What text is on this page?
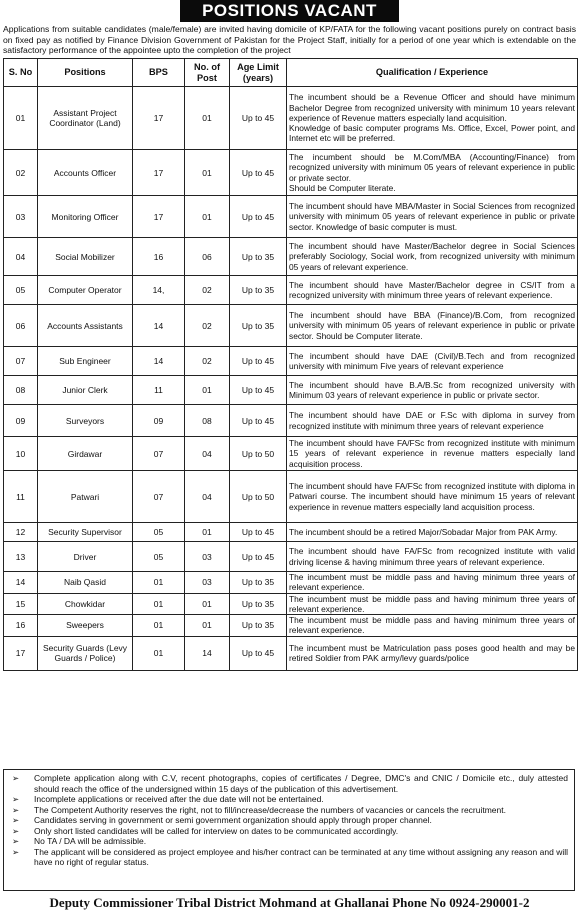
POSITIONS VACANT
Applications from suitable candidates (male/female) are invited having domicile of KP/FATA for the following vacant positions purely on contract basis on fixed pay as notified by Finance Division Government of Pakistan for the Project Staff, initially for a period of one year which is extendable on the satisfactory performance of the appointee upto the completion of the project
S. No	Positions	BPS	No. of Post	Age Limit (years)	Qualification / Experience
01	Assistant Project Coordinator (Land)	17	01	Up to 45	The incumbent should be a Revenue Officer and should have minimum Bachelor Degree from recognized university with minimum 10 years relevant experience of Revenue matters especially land acquisition.
Knowledge of basic computer programs Ms. Office, Excel, Power point, and Internet etc will be preferred.
02	Accounts Officer	17	01	Up to 45	The incumbent should be M.Com/MBA (Accounting/Finance) from recognized university with minimum 05 years of relevant experience in public or private sector.
Should be Computer literate.
03	Monitoring Officer	17	01	Up to 45	The incumbent should have MBA/Master in Social Sciences from recognized university with minimum 05 years of relevant experience in public or private sector. Knowledge of basic computer is must.
04	Social Mobilizer	16	06	Up to 35	The incumbent should have Master/Bachelor degree in Social Sciences preferably Sociology, Social work, from recognized university with minimum 05 years of relevant experience.
05	Computer Operator	14,	02	Up to 35	The incumbent should have Master/Bachelor degree in CS/IT from a recognized university with minimum three years of relevant experience.
06	Accounts Assistants	14	02	Up to 35	The incumbent should have BBA (Finance)/B.Com, from recognized university with minimum 05 years of relevant experience in public or private sector. Should be Computer literate.
07	Sub Engineer	14	02	Up to 45	The incumbent should have DAE (Civil)/B.Tech and from recognized university with minimum Five years of relevant experience
08	Junior Clerk	11	01	Up to 45	The incumbent should have B.A/B.Sc from recognized university with Minimum 03 years of relevant experience in public or private sector.
09	Surveyors	09	08	Up to 45	The incumbent should have DAE or F.Sc with diploma in survey from recognized institute with minimum three years of relevant experience
10	Girdawar	07	04	Up to 50	The incumbent should have FA/FSc from recognized institute with minimum 15 years of relevant experience in revenue matters especially land acquisition process.
11	Patwari	07	04	Up to 50	The incumbent should have FA/FSc from recognized institute with diploma in Patwari course. The incumbent should have minimum 15 years of relevant experience in revenue matters especially land acquisition process.
12	Security Supervisor	05	01	Up to 45	The incumbent should be a retired Major/Sobadar Major from PAK Army.
13	Driver	05	03	Up to 45	The incumbent should have FA/FSc from recognized institute with valid driving license & having minimum three years of relevant experience.
14	Naib Qasid	01	03	Up to 35	The incumbent must be middle pass and having minimum three years of relevant experience.
15	Chowkidar	01	01	Up to 35	The incumbent must be middle pass and having minimum three years of relevant experience.
16	Sweepers	01	01	Up to 35	The incumbent must be middle pass and having minimum three years of relevant experience.
17	Security Guards (Levy Guards / Police)	01	14	Up to 45	The incumbent must be Matriculation pass poses good health and may be retired Soldier from PAK army/levy guards/police
➢	Complete application along with C.V, recent photographs, copies of certificates / Degree, DMC's and CNIC / Domicile etc., duly attested should reach the office of the undersigned within 15 days of the publication of this advertisement.
➢	Incomplete applications or received after the due date will not be entertained.
➢	The Competent Authority reserves the right, not to fill/increase/decrease the numbers of vacancies or cancels the recruitment.
➢	Candidates serving in government or semi government organization should apply through proper channel.
➢	Only short listed candidates will be called for interview on dates to be communicated accordingly.
➢	No TA / DA will be admissible.
➢	The applicant will be considered as project employee and his/her contract can be terminated at any time without assigning any reason and will have no right of regular status.
Deputy Commissioner Tribal District Mohmand at Ghallanai Phone No 0924-290001-2
